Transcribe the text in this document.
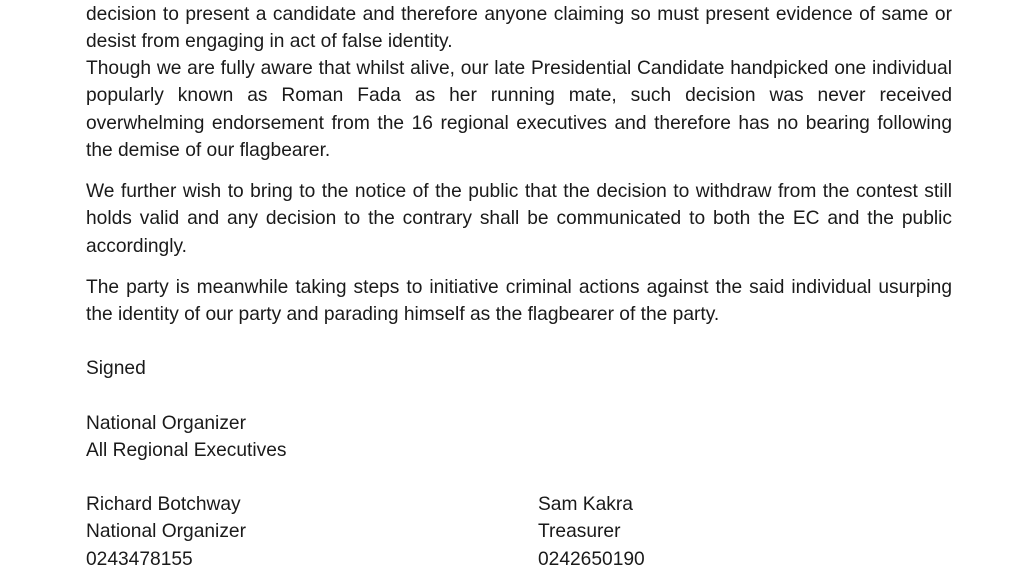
decision to present a candidate and therefore anyone claiming so must present evidence of same or desist from engaging in act of false identity.

Though we are fully aware that whilst alive, our late Presidential Candidate handpicked one individual popularly known as Roman Fada as her running mate, such decision was never received overwhelming endorsement from the 16 regional executives and therefore has no bearing following the demise of our flagbearer.

We further wish to bring to the notice of the public that the decision to withdraw from the contest still holds valid and any decision to the contrary shall be communicated to both the EC and the public accordingly.

The party is meanwhile taking steps to initiative criminal actions against the said individual usurping the identity of our party and parading himself as the flagbearer of the party.

Signed
National Organizer
All Regional Executives
Richard Botchway
National Organizer
0243478155
Sam Kakra
Treasurer
0242650190
